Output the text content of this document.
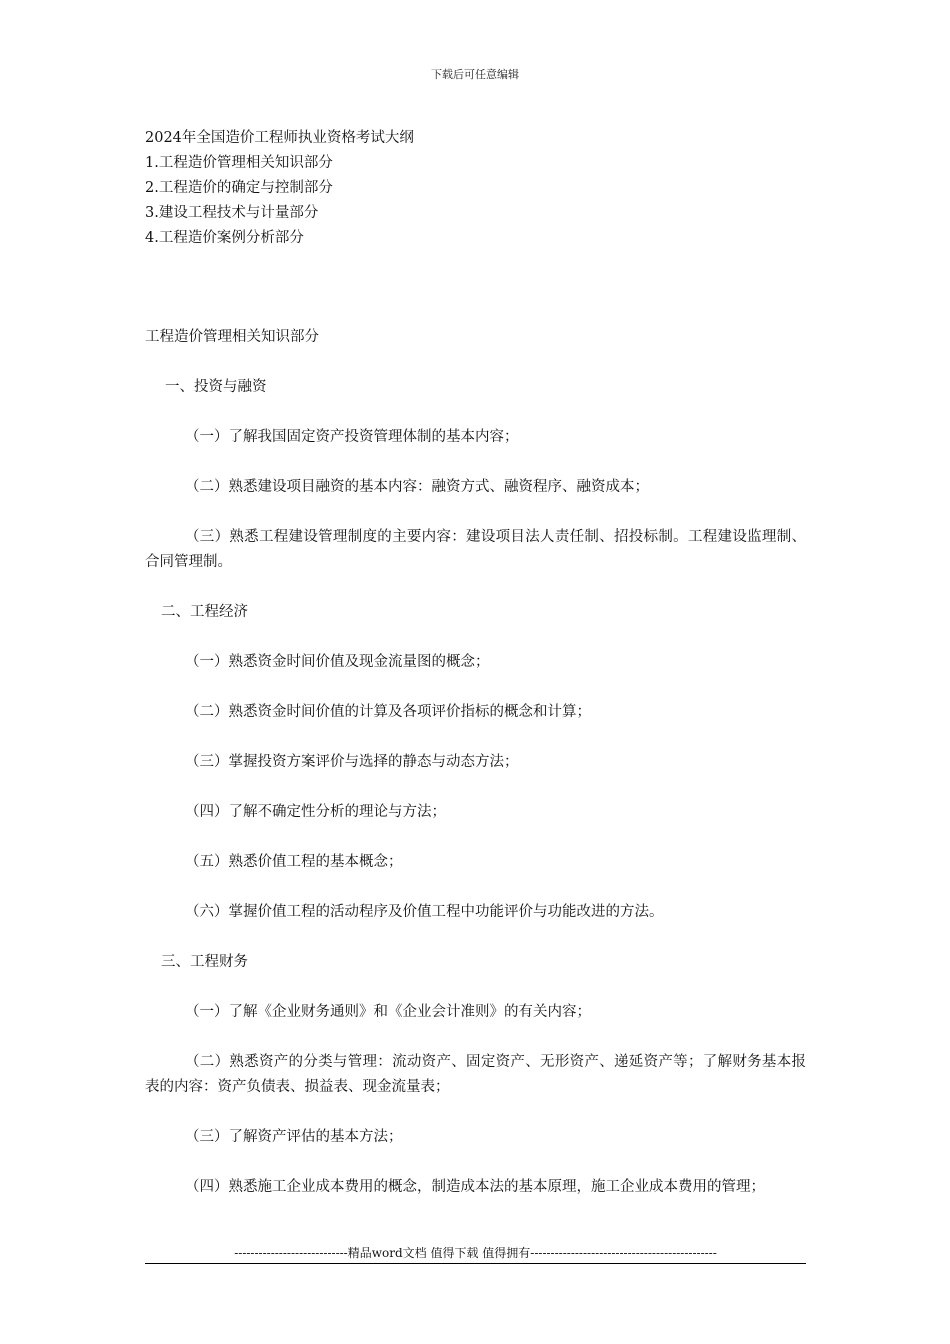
下载后可任意编辑
2024年全国造价工程师执业资格考试大纲
1.工程造价管理相关知识部分
2.工程造价的确定与控制部分
3.建设工程技术与计量部分
4.工程造价案例分析部分

工程造价管理相关知识部分

一、投资与融资

（一）了解我国固定资产投资管理体制的基本内容；

（二）熟悉建设项目融资的基本内容：融资方式、融资程序、融资成本；

（三）熟悉工程建设管理制度的主要内容：建设项目法人责任制、招投标制。工程建设监理制、合同管理制。

二、工程经济

（一）熟悉资金时间价值及现金流量图的概念；

（二）熟悉资金时间价值的计算及各项评价指标的概念和计算；

（三）掌握投资方案评价与选择的静态与动态方法；

（四）了解不确定性分析的理论与方法；

（五）熟悉价值工程的基本概念；

（六）掌握价值工程的活动程序及价值工程中功能评价与功能改进的方法。

三、工程财务

（一）了解《企业财务通则》和《企业会计准则》的有关内容；

（二）熟悉资产的分类与管理：流动资产、固定资产、无形资产、递延资产等；了解财务基本报表的内容：资产负债表、损益表、现金流量表；

（三）了解资产评估的基本方法；

（四）熟悉施工企业成本费用的概念，制造成本法的基本原理，施工企业成本费用的管理；

----------------------------精品word文档 值得下载 值得拥有----------------------------------------------
